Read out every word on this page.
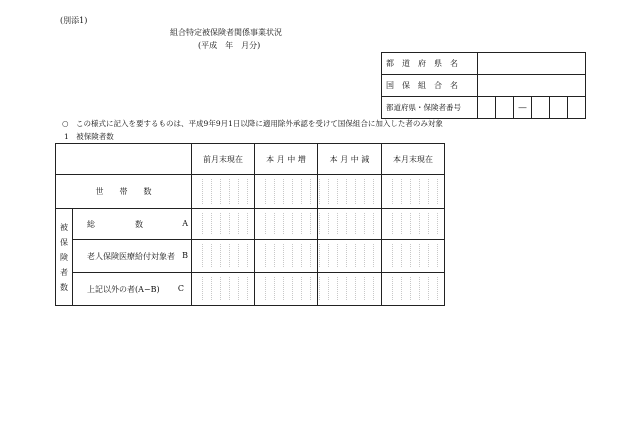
(別添1)
組合特定被保険者関係事業状況
(平成　年　月分)
都　道　府　県　名						
国　保　組　合　名						
都道府県・保険者番号			―			
○　この様式に記入を要するものは、平成9年9月1日以降に適用除外承認を受けて国保組合に加入した者のみ対象
1　被保険者数
		前月末現在	本 月 中 増	本 月 中 減	本月末現在
世　　帯　　数					
被
保
険
者
数	総　　　　　数 A				

	老人保険医療給付対象者 B				

	上記以外の者(A−B) C				
